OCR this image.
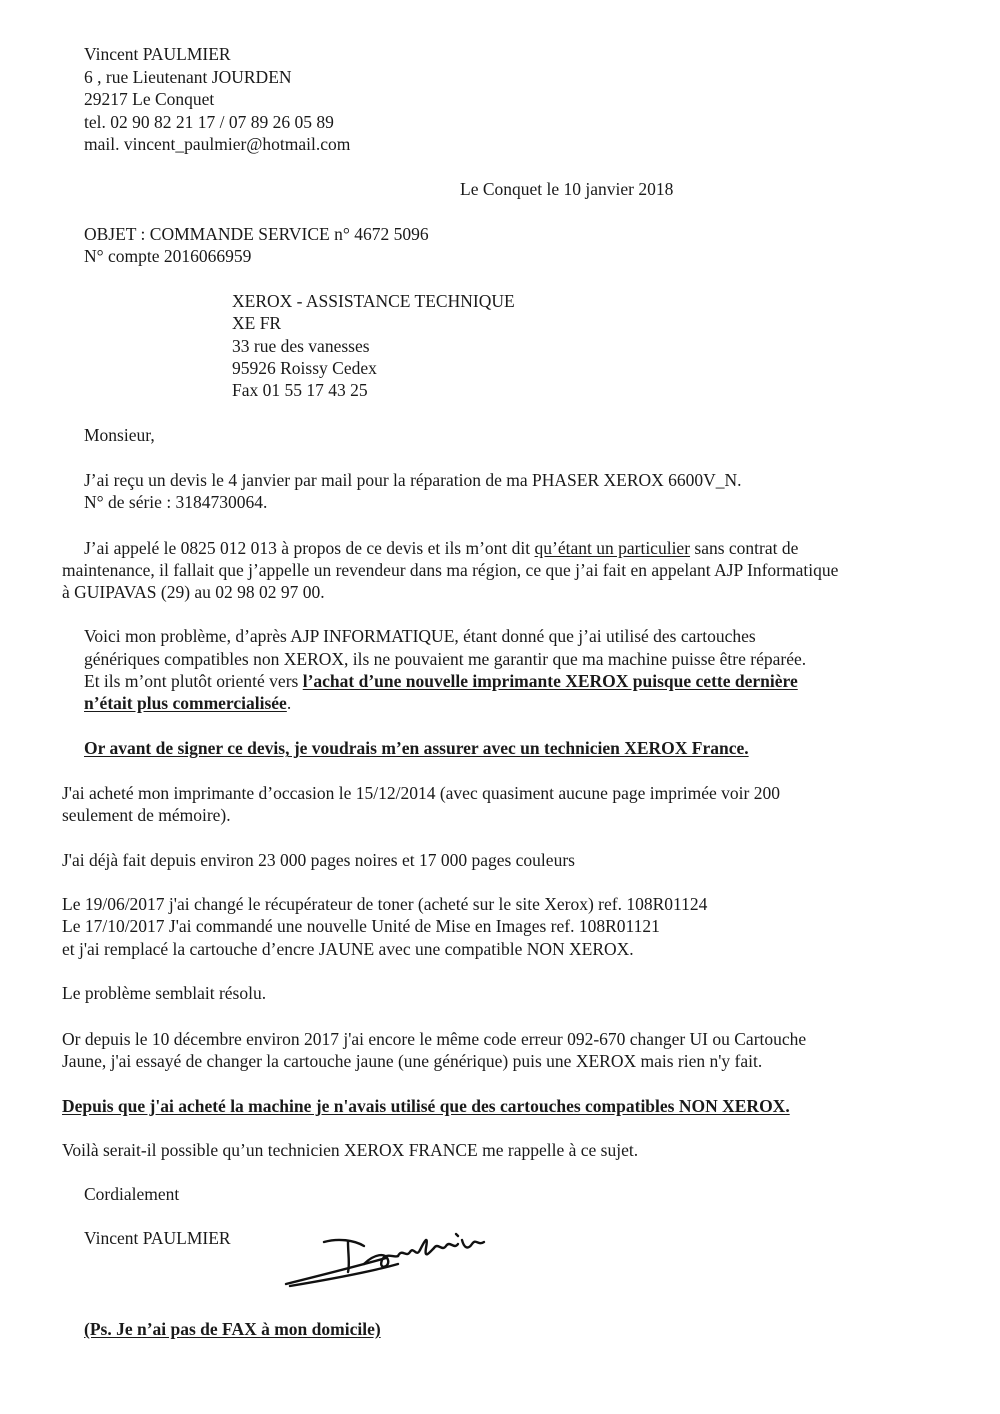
Vincent PAULMIER

6 , rue Lieutenant JOURDEN

29217 Le Conquet

tel. 02 90 82 21 17 / 07 89 26 05 89

mail. vincent_paulmier@hotmail.com

Le Conquet le 10 janvier 2018

OBJET : COMMANDE SERVICE n° 4672 5096

N° compte 2016066959

XEROX - ASSISTANCE TECHNIQUE

XE FR

33 rue des vanesses

95926 Roissy Cedex

Fax 01 55 17 43 25

Monsieur,

J’ai reçu un devis le 4 janvier par mail pour la réparation de ma PHASER XEROX 6600V_N.

N° de série : 3184730064.

J’ai appelé le 0825 012 013 à propos de ce devis et ils m’ont dit qu’étant un particulier sans contrat de

maintenance, il fallait que j’appelle un revendeur dans ma région, ce que j’ai fait en appelant AJP Informatique

à GUIPAVAS (29) au 02 98 02 97 00.

Voici mon problème, d’après AJP INFORMATIQUE, étant donné que j’ai utilisé des cartouches

génériques compatibles non XEROX, ils ne pouvaient me garantir que ma machine puisse être réparée.

Et ils m’ont plutôt orienté vers l’achat d’une nouvelle imprimante XEROX puisque cette dernière

n’était plus commercialisée.

Or avant de signer ce devis, je voudrais m’en assurer avec un technicien XEROX France.

J'ai acheté mon imprimante d’occasion le 15/12/2014 (avec quasiment aucune page imprimée voir 200

seulement de mémoire).

J'ai déjà fait depuis environ 23 000 pages noires et 17 000 pages couleurs

Le 19/06/2017 j'ai changé le récupérateur de toner (acheté sur le site Xerox) ref. 108R01124

Le 17/10/2017 J'ai commandé une nouvelle Unité de Mise en Images ref. 108R01121

et j'ai remplacé la cartouche d’encre JAUNE avec une compatible NON XEROX.

Le problème semblait résolu.

Or depuis le 10 décembre environ 2017 j'ai encore le même code erreur 092-670 changer UI ou Cartouche

Jaune, j'ai essayé de changer la cartouche jaune (une générique) puis une XEROX mais rien n'y fait.

Depuis que j'ai acheté la machine je n'avais utilisé que des cartouches compatibles NON XEROX.

Voilà serait-il possible qu’un technicien XEROX FRANCE me rappelle à ce sujet.

Cordialement

Vincent PAULMIER

(Ps. Je n’ai pas de FAX à mon domicile)
